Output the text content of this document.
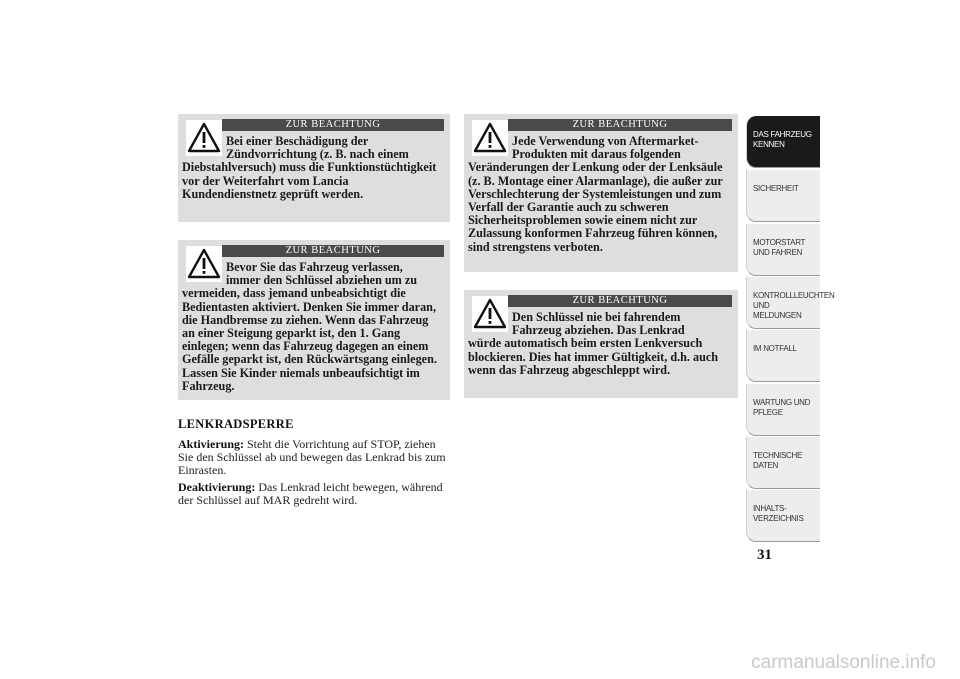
ZUR BEACHTUNG
Bei einer Beschädigung der
Zündvorrichtung (z. B. nach einem
Diebstahlversuch) muss die Funktionstüchtigkeit vor der Weiterfahrt vom Lancia Kundendienstnetz geprüft werden.
ZUR BEACHTUNG
Bevor Sie das Fahrzeug verlassen,
immer den Schlüssel abziehen um zu
vermeiden, dass jemand unbeabsichtigt die Bedientasten aktiviert. Denken Sie immer daran, die Handbremse zu ziehen. Wenn das Fahrzeug an einer Steigung geparkt ist, den 1. Gang einlegen; wenn das Fahrzeug dagegen an einem Gefälle geparkt ist, den Rückwärtsgang einlegen. Lassen Sie Kinder niemals unbeaufsichtigt im Fahrzeug.
LENKRADSPERRE
Aktivierung: Steht die Vorrichtung auf STOP, ziehen Sie den Schlüssel ab und bewegen das Lenkrad bis zum Einrasten.
Deaktivierung: Das Lenkrad leicht bewegen, während der Schlüssel auf MAR gedreht wird.
ZUR BEACHTUNG
Jede Verwendung von Aftermarket-
Produkten mit daraus folgenden
Veränderungen der Lenkung oder der Lenksäule (z. B. Montage einer Alarmanlage), die außer zur Verschlechterung der Systemleistungen und zum Verfall der Garantie auch zu schweren Sicherheitsproblemen sowie einem nicht zur Zulassung konformen Fahrzeug führen können, sind strengstens verboten.
ZUR BEACHTUNG
Den Schlüssel nie bei fahrendem
Fahrzeug abziehen. Das Lenkrad
würde automatisch beim ersten Lenkversuch blockieren. Dies hat immer Gültigkeit, d.h. auch wenn das Fahrzeug abgeschleppt wird.
DAS FAHRZEUG KENNEN
SICHERHEIT
MOTORSTART UND FAHREN
KONTROLLLEUCHTEN UND MELDUNGEN
IM NOTFALL
WARTUNG UND PFLEGE
TECHNISCHE DATEN
INHALTS-VERZEICHNIS
31
carmanualsonline.info
